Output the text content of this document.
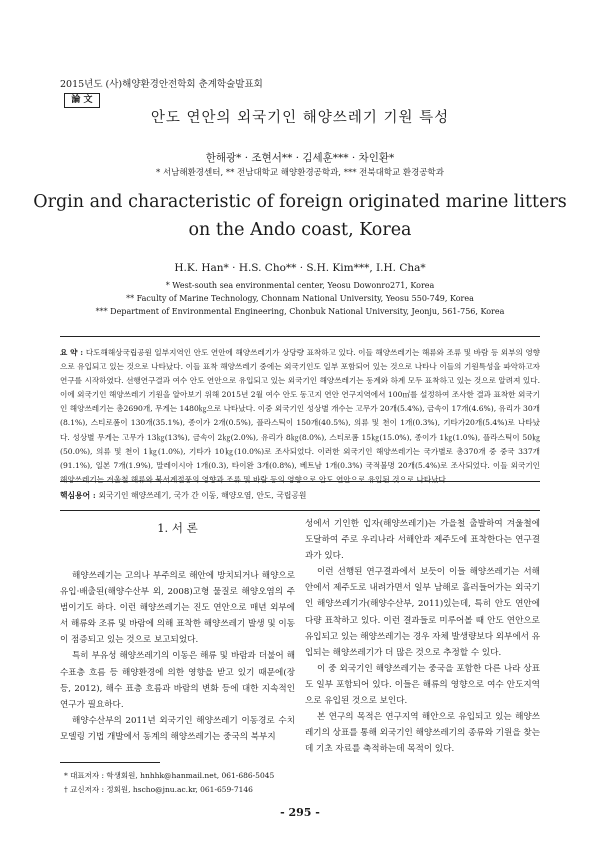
2015년도 (사)해양환경안전학회 춘계학술발표회
論 文
안도 연안의 외국기인 해양쓰레기 기원 특성
한해광* · 조현서** · 김세훈*** · 차인환*
* 서남해환경센터, ** 전남대학교 해양환경공학과, *** 전북대학교 환경공학과
Orgin and characteristic of foreign originated marine litters
on the Ando coast, Korea
H.K. Han* · H.S. Cho** · S.H. Kim***, I.H. Cha*
* West-south sea environmental center, Yeosu Dowonro271, Korea
** Faculty of Marine Technology, Chonnam National University, Yeosu 550-749, Korea
*** Department of Environmental Engineering, Chonbuk National University, Jeonju, 561-756, Korea
요 약 : 다도해해상국립공원 일부지역인 안도 연안에 해양쓰레기가 상당량 표착하고 있다. 이들 해양쓰레기는 해류와 조류 및 바람 등 외부의 영향으로 유입되고 있는 것으로 나타났다. 이들 표착 해양쓰레기 중에는 외국기인도 일부 포함되어 있는 것으로 나타나 이들의 기원특성을 파악하고자 연구를 시작하였다. 선행연구결과 여수 안도 연안으로 유입되고 있는 외국기인 해양쓰레기는 동계와 하계 모두 표착하고 있는 것으로 알려져 있다. 이에 외국기인 해양쓰레기 기원을 알아보기 위해 2015년 2월 여수 안도 동고지 연안 연구지역에서 100㎡를 설정하여 조사한 결과 표착한 외국기인 해양쓰레기는 총2690개, 무게는 1480㎏으로 나타났다. 이중 외국기인 성상별 개수는 고무가 20개(5.4%), 금속이 17개(4.6%), 유리가 30개(8.1%), 스티로폼이 130개(35.1%), 종이가 2개(0.5%), 플라스틱이 150개(40.5%), 의류 및 천이 1개(0.3%), 기타가20개(5.4%)로 나타났다. 성상별 무게는 고무가 13㎏(13%), 금속이 2㎏(2.0%), 유리가 8㎏(8.0%), 스티로폼 15㎏(15.0%), 종이가 1㎏(1.0%), 플라스틱이 50㎏(50.0%), 의류 및 천이 1㎏(1.0%), 기타가 10㎏(10.0%)로 조사되었다. 이러한 외국기인 해양쓰레기는 국가별로 총370개 중 중국 337개(91.1%), 일본 7개(1.9%), 말레이시아 1개(0.3), 타이완 3개(0.8%), 베트남 1개(0.3%) 국적불명 20개(5.4%)로 조사되었다. 이들 외국기인 해양쓰레기는 겨울철 해류와 북서계절풍의 영향과 조류 및 바람 등의 영향으로 안도 연안으로 유입된 것으로 나타났다.
핵심용어 : 외국기인 해양쓰레기, 국가 간 이동, 해양오염, 안도, 국립공원
1. 서 론

해양쓰레기는 고의나 부주의로 해안에 방치되거나 해양으로 유입·배출된(해양수산부 외, 2008)고형 물질로 해양오염의 주범이기도 하다. 이런 해양쓰레기는 진도 연안으로 매년 외부에서 해류와 조류 및 바람에 의해 표착한 해양쓰레기 발생 및 이동이 점증되고 있는 것으로 보고되었다.

특히 부유성 해양쓰레기의 이동은 해류 및 바람과 더불어 해수표층 흐름 등 해양환경에 의한 영향을 받고 있기 때문에(장 등, 2012), 해수 표층 흐름과 바람의 변화 등에 대한 지속적인 연구가 필요하다.

해양수산부의 2011년 외국기인 해양쓰레기 이동경로 수치모델링 기법 개발에서 동계의 해양쓰레기는 중국의 북부지

성에서 기인한 입자(해양쓰레기)는 가을철 출발하여 겨울철에 도달하여 주로 우리나라 서해안과 제주도에 표착한다는 연구결과가 있다.

이런 선행된 연구결과에서 보듯이 이들 해양쓰레기는 서해안에서 제주도로 내려가면서 일부 남해로 흘러들어가는 외국기인 해양쓰레기가(해양수산부, 2011)있는데, 특히 안도 연안에 다량 표착하고 있다. 이런 결과들로 미루어볼 때 안도 연안으로 유입되고 있는 해양쓰레기는 경우 자체 발생량보다 외부에서 유입되는 해양쓰레기가 더 많은 것으로 추정할 수 있다.

이 중 외국기인 해양쓰레기는 중국을 포함한 다른 나라 상표도 일부 포함되어 있다. 이들은 해류의 영향으로 여수 안도지역으로 유입된 것으로 보인다.

본 연구의 목적은 연구지역 해안으로 유입되고 있는 해양쓰레기의 상표를 통해 외국기인 해양쓰레기의 종류와 기원을 찾는데 기초 자료를 축적하는데 목적이 있다.

* 대표저자 : 학생회원, hnhhk@hanmail.net, 061-686-5045
† 교신저자 : 정회원, hscho@jnu.ac.kr, 061-659-7146
- 295 -
